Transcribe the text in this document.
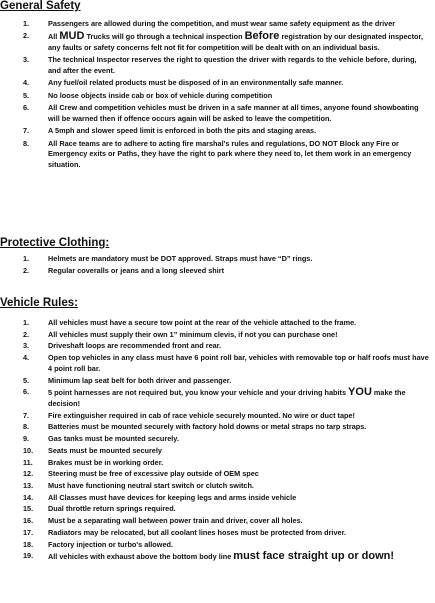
General Safety
1.	Passengers are allowed during the competition, and must wear same safety equipment as the driver
2.	All MUD Trucks will go through a technical inspection Before registration by our designated inspector, any faults or safety concerns felt not fit for competition will be dealt with on an individual basis.
3.	The technical Inspector reserves the right to question the driver with regards to the vehicle before, during, and after the event.
4.	Any fuel/oil related products must be disposed of in an environmentally safe manner.
5.	No loose objects inside cab or box of vehicle during competition
6.	All Crew and competition vehicles must be driven in a safe manner at all times, anyone found showboating will be warned then if offence occurs again will be asked to leave the competition.
7.	A 5mph and slower speed limit is enforced in both the pits and staging areas.
8.	All Race teams are to adhere to acting fire marshal's rules and regulations, DO NOT Block any Fire or Emergency exits or Paths, they have the right to park where they need to, let them work in an emergency situation.
Protective Clothing:
1.	Helmets are mandatory must be DOT approved. Straps must have “D” rings.
2.	Regular coveralls or jeans and a long sleeved shirt
Vehicle Rules:
1.	All vehicles must have a secure tow point at the rear of the vehicle attached to the frame.
2.	All vehicles must supply their own 1” minimum clevis, if not you can purchase one!
3.	Driveshaft loops are recommended front and rear.
4.	Open top vehicles in any class must have 6 point roll bar, vehicles with removable top or half roofs must have 4 point roll bar.
5.	Minimum lap seat belt for both driver and passenger.
6.	5 point harnesses are not required but, you know your vehicle and your driving habits YOU make the decision!
7.	Fire extinguisher required in cab of race vehicle securely mounted. No wire or duct tape!
8.	Batteries must be mounted securely with factory hold downs or metal straps no tarp straps.
9.	Gas tanks must be mounted securely.
10.	Seats must be mounted securely
11.	Brakes must be in working order.
12.	Steering must be free of excessive play outside of OEM spec
13.	Must have functioning neutral start switch or clutch switch.
14.	All Classes must have devices for keeping legs and arms inside vehicle
15.	Dual throttle return springs required.
16.	Must be a separating wall between power train and driver, cover all holes.
17.	Radiators may be relocated, but all coolant lines hoses must be protected from driver.
18.	Factory injection or turbo's allowed.
19.	All vehicles with exhaust above the bottom body line must face straight up or down!
